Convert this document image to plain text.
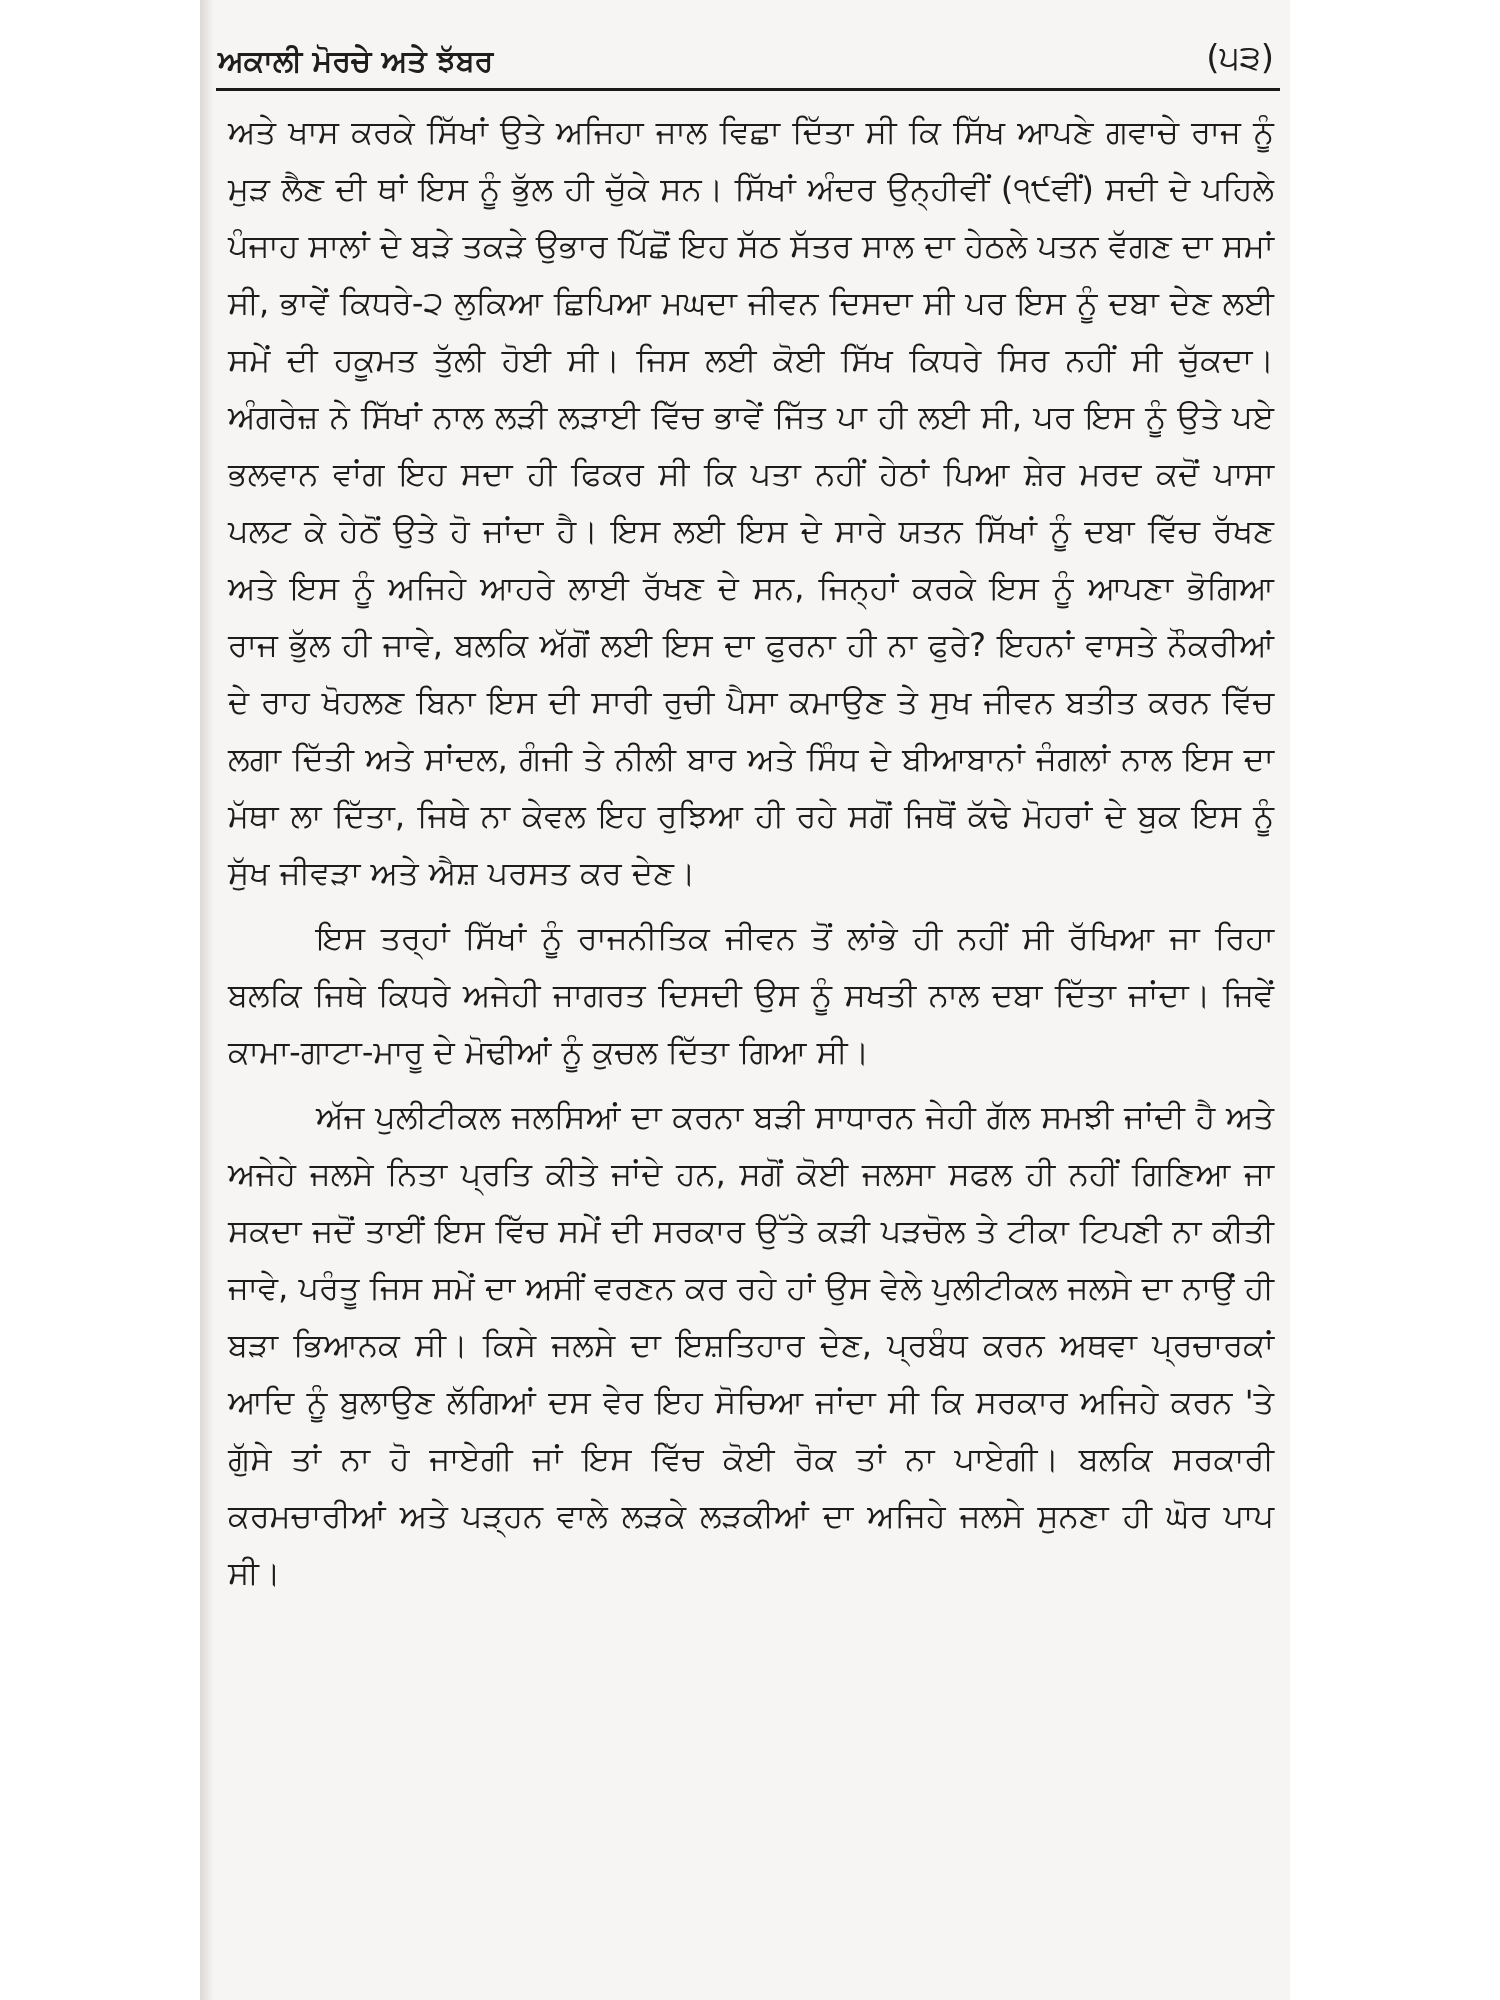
ਅਕਾਲੀ ਮੋਰਚੇ ਅਤੇ ਝੱਬਰ	(੫੩)

ਅਤੇ ਖਾਸ ਕਰਕੇ ਸਿੱਖਾਂ ਉਤੇ ਅਜਿਹਾ ਜਾਲ ਵਿਛਾ ਦਿੱਤਾ ਸੀ ਕਿ ਸਿੱਖ ਆਪਣੇ ਗਵਾਚੇ ਰਾਜ ਨੂੰ ਮੁੜ ਲੈਣ ਦੀ ਥਾਂ ਇਸ ਨੂੰ ਭੁੱਲ ਹੀ ਚੁੱਕੇ ਸਨ। ਸਿੱਖਾਂ ਅੰਦਰ ਉਨ੍ਹੀਵੀਂ (੧੯ਵੀਂ) ਸਦੀ ਦੇ ਪਹਿਲੇ ਪੰਜਾਹ ਸਾਲਾਂ ਦੇ ਬੜੇ ਤਕੜੇ ਉਭਾਰ ਪਿੱਛੋਂ ਇਹ ਸੱਠ ਸੱਤਰ ਸਾਲ ਦਾ ਹੇਠਲੇ ਪਤਨ ਵੱਗਣ ਦਾ ਸਮਾਂ ਸੀ, ਭਾਵੇਂ ਕਿਧਰੇ-੨ ਲੁਕਿਆ ਛਿਪਿਆ ਮਘਦਾ ਜੀਵਨ ਦਿਸਦਾ ਸੀ ਪਰ ਇਸ ਨੂੰ ਦਬਾ ਦੇਣ ਲਈ ਸਮੇਂ ਦੀ ਹਕੂਮਤ ਤੁੱਲੀ ਹੋਈ ਸੀ। ਜਿਸ ਲਈ ਕੋਈ ਸਿੱਖ ਕਿਧਰੇ ਸਿਰ ਨਹੀਂ ਸੀ ਚੁੱਕਦਾ। ਅੰਗਰੇਜ਼ ਨੇ ਸਿੱਖਾਂ ਨਾਲ ਲੜੀ ਲੜਾਈ ਵਿੱਚ ਭਾਵੇਂ ਜਿੱਤ ਪਾ ਹੀ ਲਈ ਸੀ, ਪਰ ਇਸ ਨੂੰ ਉਤੇ ਪਏ ਭਲਵਾਨ ਵਾਂਗ ਇਹ ਸਦਾ ਹੀ ਫਿਕਰ ਸੀ ਕਿ ਪਤਾ ਨਹੀਂ ਹੇਠਾਂ ਪਿਆ ਸ਼ੇਰ ਮਰਦ ਕਦੋਂ ਪਾਸਾ ਪਲਟ ਕੇ ਹੇਠੋਂ ਉਤੇ ਹੋ ਜਾਂਦਾ ਹੈ। ਇਸ ਲਈ ਇਸ ਦੇ ਸਾਰੇ ਯਤਨ ਸਿੱਖਾਂ ਨੂੰ ਦਬਾ ਵਿੱਚ ਰੱਖਣ ਅਤੇ ਇਸ ਨੂੰ ਅਜਿਹੇ ਆਹਰੇ ਲਾਈ ਰੱਖਣ ਦੇ ਸਨ, ਜਿਨ੍ਹਾਂ ਕਰਕੇ ਇਸ ਨੂੰ ਆਪਣਾ ਭੋਗਿਆ ਰਾਜ ਭੁੱਲ ਹੀ ਜਾਵੇ, ਬਲਕਿ ਅੱਗੋਂ ਲਈ ਇਸ ਦਾ ਫੁਰਨਾ ਹੀ ਨਾ ਫੁਰੇ? ਇਹਨਾਂ ਵਾਸਤੇ ਨੌਕਰੀਆਂ ਦੇ ਰਾਹ ਖੋਹਲਣ ਬਿਨਾ ਇਸ ਦੀ ਸਾਰੀ ਰੁਚੀ ਪੈਸਾ ਕਮਾਉਣ ਤੇ ਸੁਖ ਜੀਵਨ ਬਤੀਤ ਕਰਨ ਵਿੱਚ ਲਗਾ ਦਿੱਤੀ ਅਤੇ ਸਾਂਦਲ, ਗੰਜੀ ਤੇ ਨੀਲੀ ਬਾਰ ਅਤੇ ਸਿੰਧ ਦੇ ਬੀਆਬਾਨਾਂ ਜੰਗਲਾਂ ਨਾਲ ਇਸ ਦਾ ਮੱਥਾ ਲਾ ਦਿੱਤਾ, ਜਿਥੇ ਨਾ ਕੇਵਲ ਇਹ ਰੁਝਿਆ ਹੀ ਰਹੇ ਸਗੋਂ ਜਿਥੋਂ ਕੱਢੇ ਮੋਹਰਾਂ ਦੇ ਬੁਕ ਇਸ ਨੂੰ ਸੁੱਖ ਜੀਵੜਾ ਅਤੇ ਐਸ਼ ਪਰਸਤ ਕਰ ਦੇਣ।

ਇਸ ਤਰ੍ਹਾਂ ਸਿੱਖਾਂ ਨੂੰ ਰਾਜਨੀਤਿਕ ਜੀਵਨ ਤੋਂ ਲਾਂਭੇ ਹੀ ਨਹੀਂ ਸੀ ਰੱਖਿਆ ਜਾ ਰਿਹਾ ਬਲਕਿ ਜਿਥੇ ਕਿਧਰੇ ਅਜੇਹੀ ਜਾਗਰਤ ਦਿਸਦੀ ਉਸ ਨੂੰ ਸਖਤੀ ਨਾਲ ਦਬਾ ਦਿੱਤਾ ਜਾਂਦਾ। ਜਿਵੇਂ ਕਾਮਾ-ਗਾਟਾ-ਮਾਰੂ ਦੇ ਮੋਢੀਆਂ ਨੂੰ ਕੁਚਲ ਦਿੱਤਾ ਗਿਆ ਸੀ।

ਅੱਜ ਪੁਲੀਟੀਕਲ ਜਲਸਿਆਂ ਦਾ ਕਰਨਾ ਬੜੀ ਸਾਧਾਰਨ ਜੇਹੀ ਗੱਲ ਸਮਝੀ ਜਾਂਦੀ ਹੈ ਅਤੇ ਅਜੇਹੇ ਜਲਸੇ ਨਿਤਾ ਪ੍ਰਤਿ ਕੀਤੇ ਜਾਂਦੇ ਹਨ, ਸਗੋਂ ਕੋਈ ਜਲਸਾ ਸਫਲ ਹੀ ਨਹੀਂ ਗਿਣਿਆ ਜਾ ਸਕਦਾ ਜਦੋਂ ਤਾਈਂ ਇਸ ਵਿੱਚ ਸਮੇਂ ਦੀ ਸਰਕਾਰ ਉੱਤੇ ਕੜੀ ਪੜਚੋਲ ਤੇ ਟੀਕਾ ਟਿਪਣੀ ਨਾ ਕੀਤੀ ਜਾਵੇ, ਪਰੰਤੂ ਜਿਸ ਸਮੇਂ ਦਾ ਅਸੀਂ ਵਰਣਨ ਕਰ ਰਹੇ ਹਾਂ ਉਸ ਵੇਲੇ ਪੁਲੀਟੀਕਲ ਜਲਸੇ ਦਾ ਨਾਉਂ ਹੀ ਬੜਾ ਭਿਆਨਕ ਸੀ। ਕਿਸੇ ਜਲਸੇ ਦਾ ਇਸ਼ਤਿਹਾਰ ਦੇਣ, ਪ੍ਰਬੰਧ ਕਰਨ ਅਥਵਾ ਪ੍ਰਚਾਰਕਾਂ ਆਦਿ ਨੂੰ ਬੁਲਾਉਣ ਲੱਗਿਆਂ ਦਸ ਵੇਰ ਇਹ ਸੋਚਿਆ ਜਾਂਦਾ ਸੀ ਕਿ ਸਰਕਾਰ ਅਜਿਹੇ ਕਰਨ 'ਤੇ ਗੁੱਸੇ ਤਾਂ ਨਾ ਹੋ ਜਾਏਗੀ ਜਾਂ ਇਸ ਵਿੱਚ ਕੋਈ ਰੋਕ ਤਾਂ ਨਾ ਪਾਏਗੀ। ਬਲਕਿ ਸਰਕਾਰੀ ਕਰਮਚਾਰੀਆਂ ਅਤੇ ਪੜ੍ਹਨ ਵਾਲੇ ਲੜਕੇ ਲੜਕੀਆਂ ਦਾ ਅਜਿਹੇ ਜਲਸੇ ਸੁਨਣਾ ਹੀ ਘੋਰ ਪਾਪ ਸੀ।
